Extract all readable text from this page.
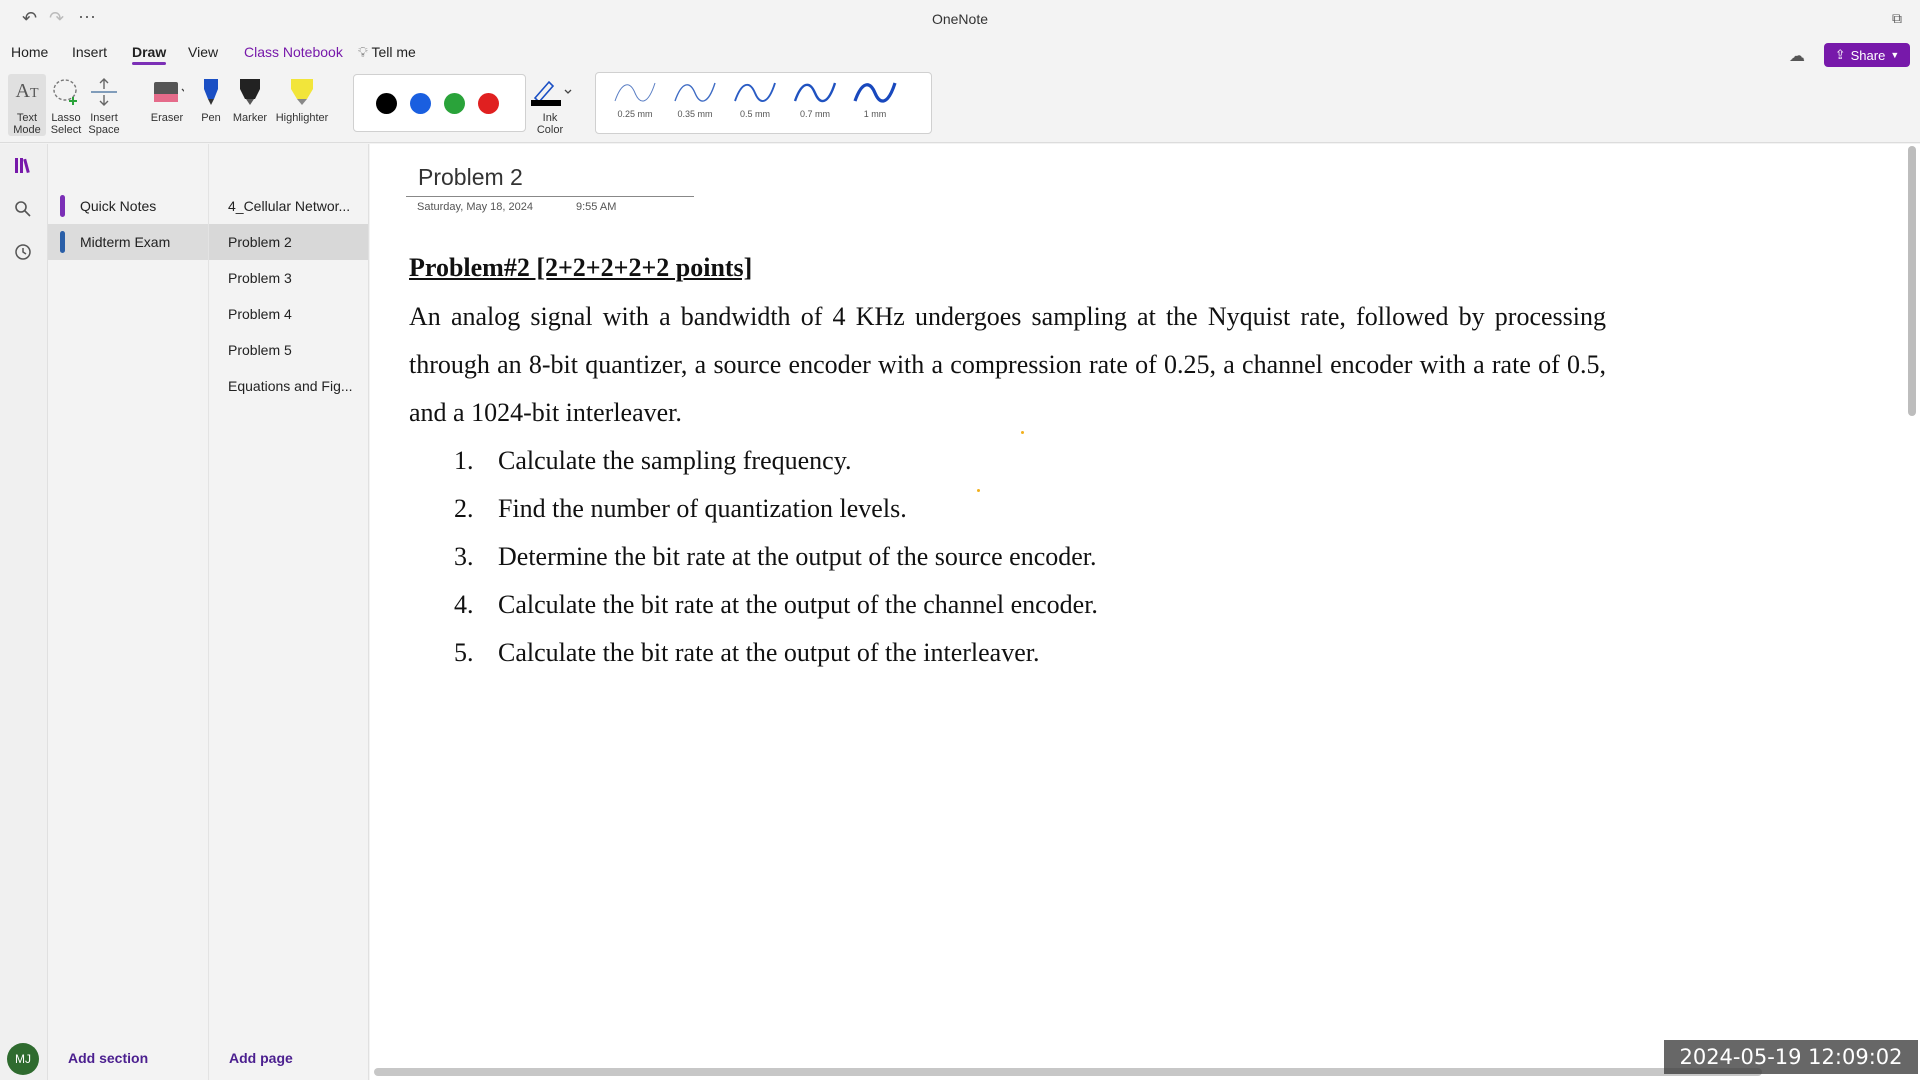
↶ ↷ ···	OneNote	⧉
Home Insert Draw View Class Notebook 💡︎ Tell me	☁ ⇪ Share ▼
AT
Text
Mode
Lasso
Select
Insert
Space
Eraser	Pen	Marker Highlighter	Ink
Color
0.25 mm	0.35 mm	0.5 mm	0.7 mm	1 mm
Quick Notes
Midterm Exam
4_Cellular Networ...
Problem 2
Problem 3
Problem 4
Problem 5
Equations and Fig...
MJ	Add section	Add page
Problem 2
Saturday, May 18, 2024	9:55 AM
Problem#2 [2+2+2+2+2 points]

An analog signal with a bandwidth of 4 KHz undergoes sampling at the Nyquist rate, followed by processing through an 8-bit quantizer, a source encoder with a compression rate of 0.25, a channel encoder with a rate of 0.5, and a 1024-bit interleaver.

1. Calculate the sampling frequency.
2. Find the number of quantization levels.
3. Determine the bit rate at the output of the source encoder.
4. Calculate the bit rate at the output of the channel encoder.
5. Calculate the bit rate at the output of the interleaver.
2024-05-19 12:09:02
